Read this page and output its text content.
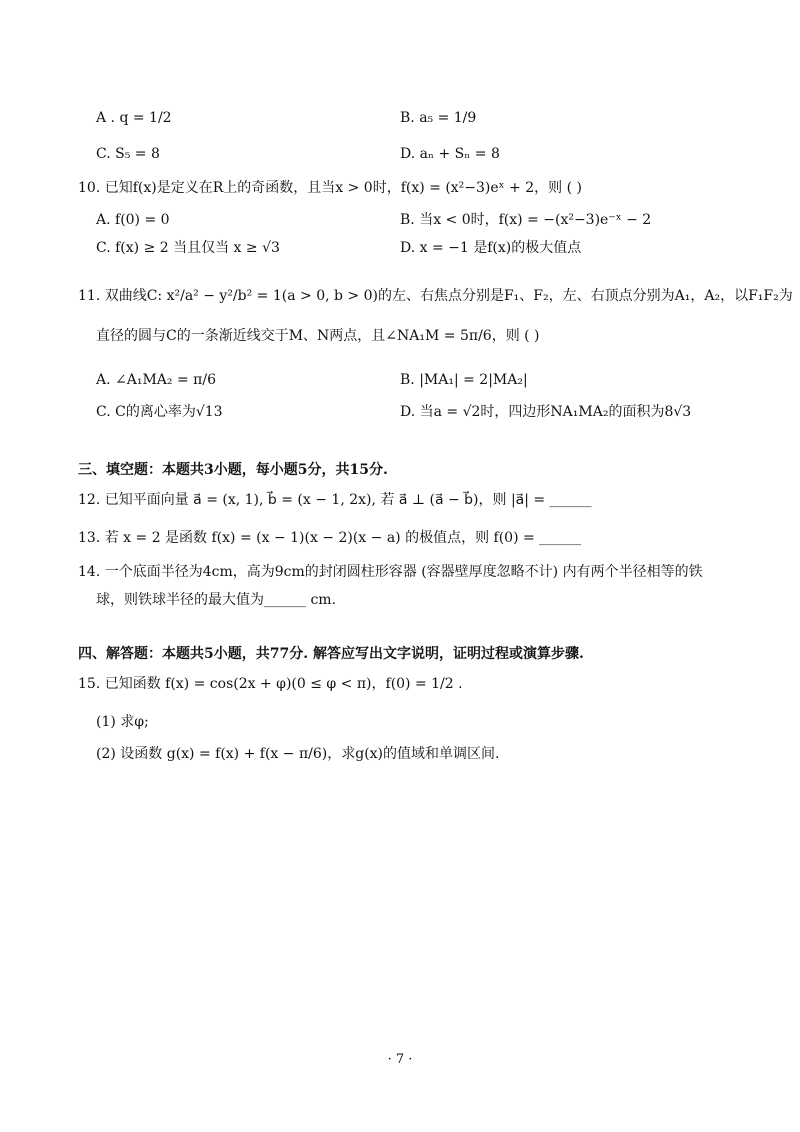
A . q = 1/2	B. a₅ = 1/9
C. S₅ = 8	D. aₙ + Sₙ = 8
10. 已知f(x)是定义在R上的奇函数，且当x > 0时，f(x) = (x²−3)eˣ + 2，则 ( )
A. f(0) = 0	B. 当x < 0时，f(x) = −(x²−3)e⁻ˣ − 2
C. f(x) ≥ 2 当且仅当 x ≥ √3	D. x = −1 是f(x)的极大值点
11. 双曲线C: x²/a² − y²/b² = 1(a > 0, b > 0)的左、右焦点分别是F₁、F₂，左、右顶点分别为A₁，A₂，以F₁F₂为
直径的圆与C的一条渐近线交于M、N两点，且∠NA₁M = 5π/6，则 ( )
A. ∠A₁MA₂ = π/6	B. |MA₁| = 2|MA₂|
C. C的离心率为√13	D. 当a = √2时，四边形NA₁MA₂的面积为8√3
三、填空题：本题共3小题，每小题5分，共15分.
12. 已知平面向量 a⃗ = (x, 1), b⃗ = (x − 1, 2x), 若 a⃗ ⊥ (a⃗ − b⃗)，则 |a⃗| = ______
13. 若 x = 2 是函数 f(x) = (x − 1)(x − 2)(x − a) 的极值点，则 f(0) = ______
14. 一个底面半径为4cm，高为9cm的封闭圆柱形容器 (容器壁厚度忽略不计) 内有两个半径相等的铁
球，则铁球半径的最大值为______ cm.
四、解答题：本题共5小题，共77分. 解答应写出文字说明，证明过程或演算步骤.
15. 已知函数 f(x) = cos(2x + φ)(0 ≤ φ < π)，f(0) = 1/2 .
(1) 求φ;
(2) 设函数 g(x) = f(x) + f(x − π/6)，求g(x)的值域和单调区间.
· 7 ·
